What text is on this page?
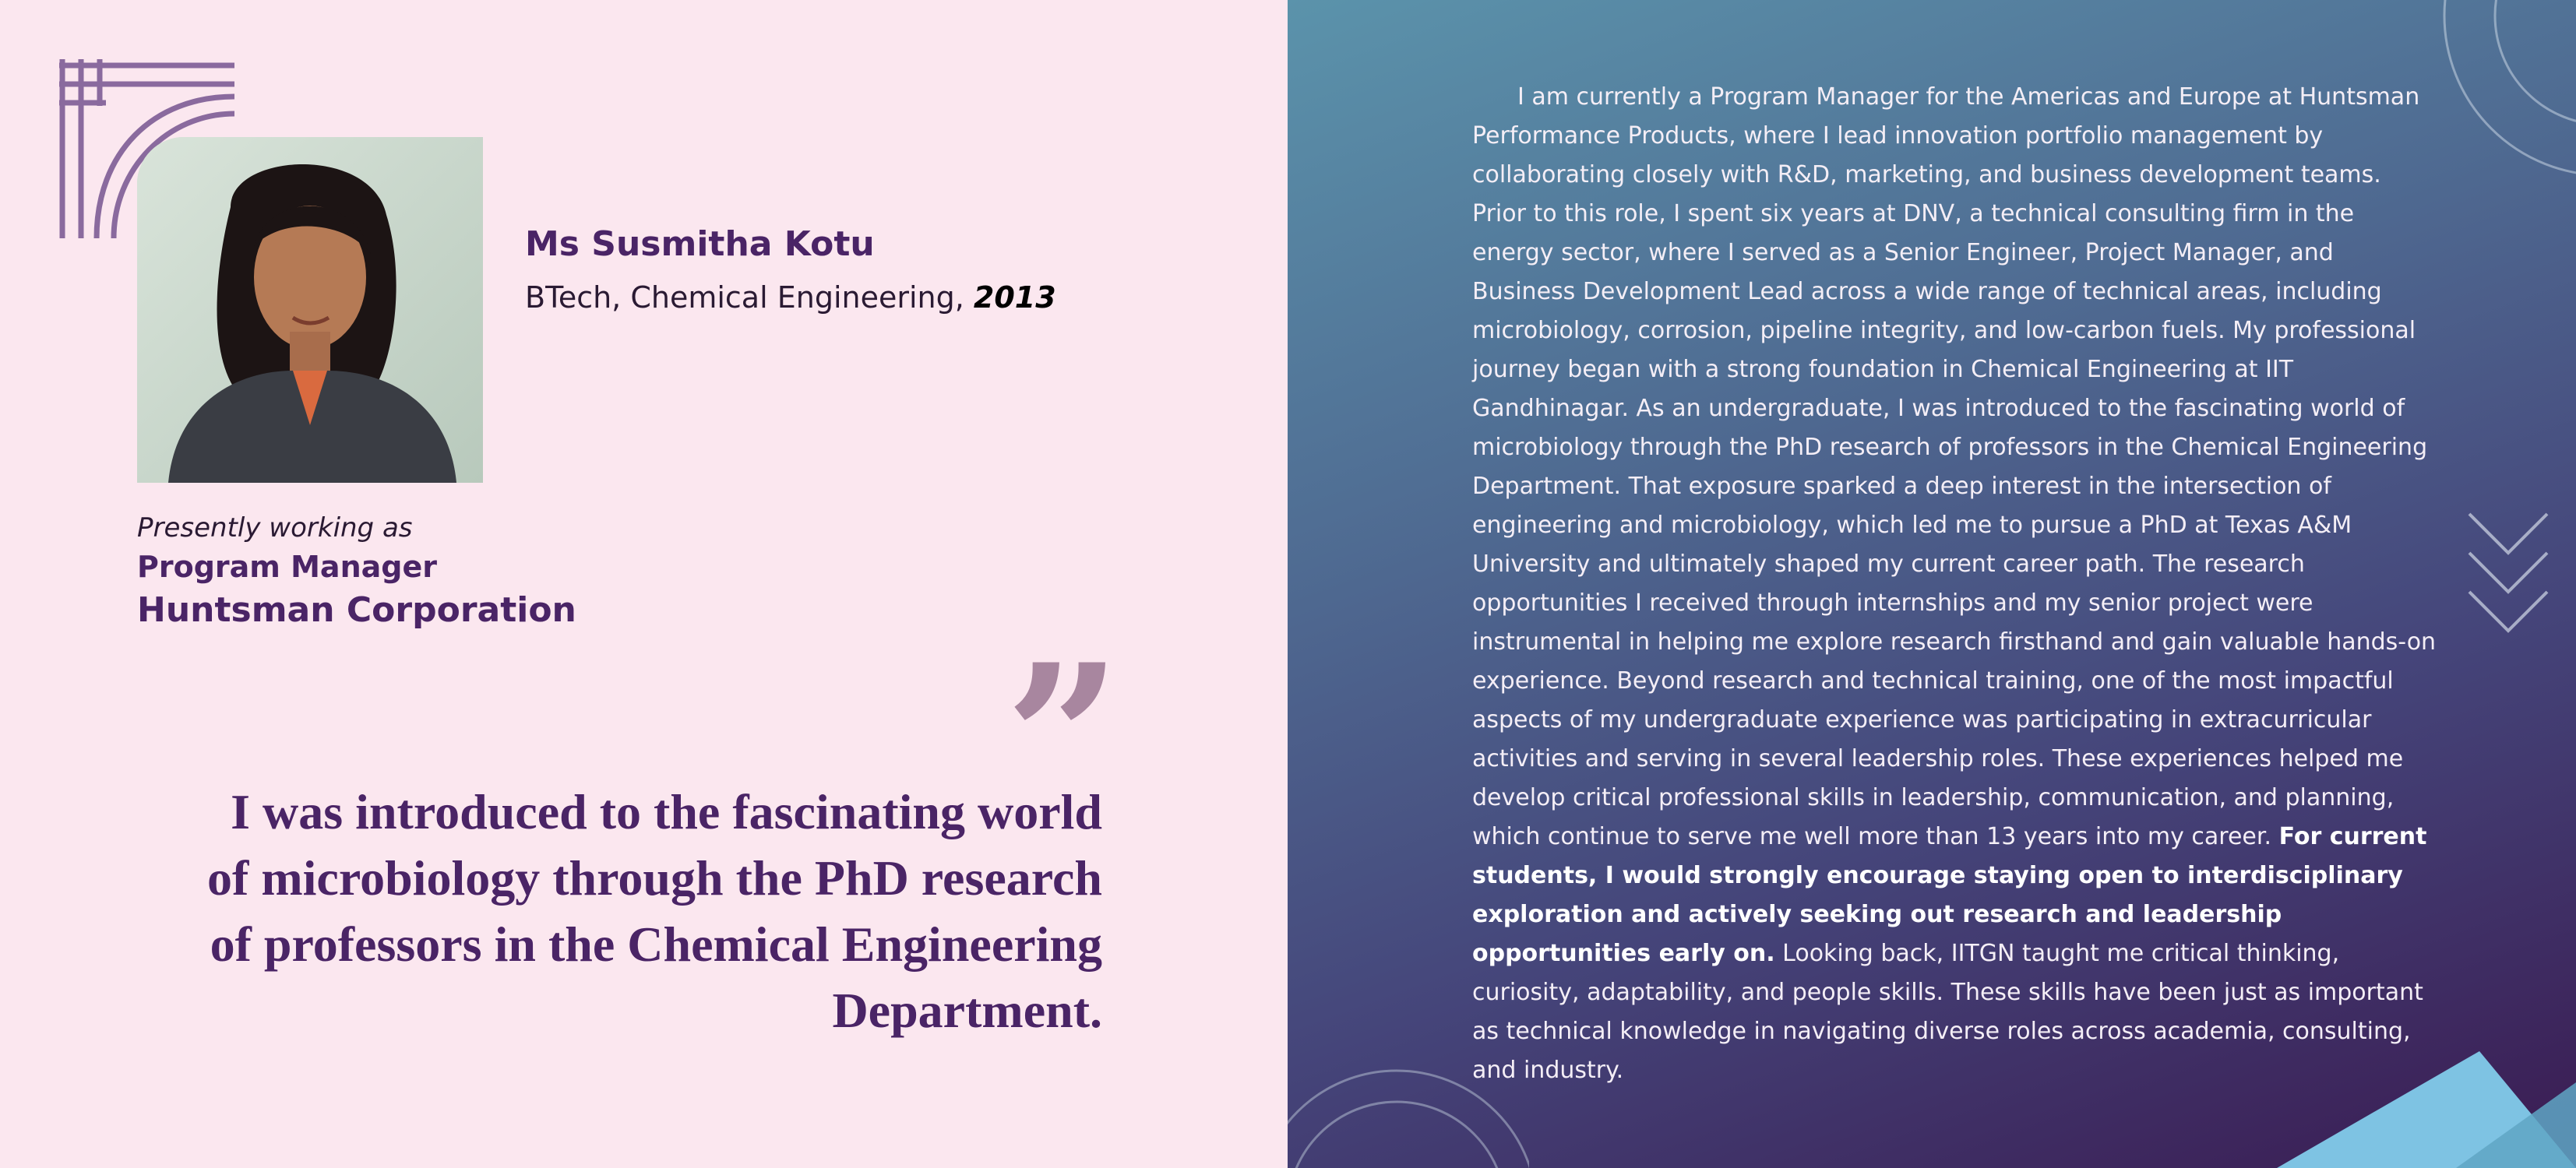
Ms Susmitha Kotu
BTech, Chemical Engineering, 2013
Presently working as
Program Manager
Huntsman Corporation
”
I was introduced to the fascinating world of microbiology through the PhD research of professors in the Chemical Engineering Department.
I am currently a Program Manager for the Americas and Europe at Huntsman Performance Products, where I lead innovation portfolio management by collaborating closely with R&D, marketing, and business development teams. Prior to this role, I spent six years at DNV, a technical consulting firm in the energy sector, where I served as a Senior Engineer, Project Manager, and Business Development Lead across a wide range of technical areas, including microbiology, corrosion, pipeline integrity, and low-carbon fuels. My professional journey began with a strong foundation in Chemical Engineering at IIT Gandhinagar. As an undergraduate, I was introduced to the fascinating world of microbiology through the PhD research of professors in the Chemical Engineering Department. That exposure sparked a deep interest in the intersection of engineering and microbiology, which led me to pursue a PhD at Texas A&M University and ultimately shaped my current career path. The research opportunities I received through internships and my senior project were instrumental in helping me explore research firsthand and gain valuable hands-on experience. Beyond research and technical training, one of the most impactful aspects of my undergraduate experience was participating in extracurricular activities and serving in several leadership roles. These experiences helped me develop critical professional skills in leadership, communication, and planning, which continue to serve me well more than 13 years into my career. For current students, I would strongly encourage staying open to interdisciplinary exploration and actively seeking out research and leadership opportunities early on. Looking back, IITGN taught me critical thinking, curiosity, adaptability, and people skills. These skills have been just as important as technical knowledge in navigating diverse roles across academia, consulting, and industry.
